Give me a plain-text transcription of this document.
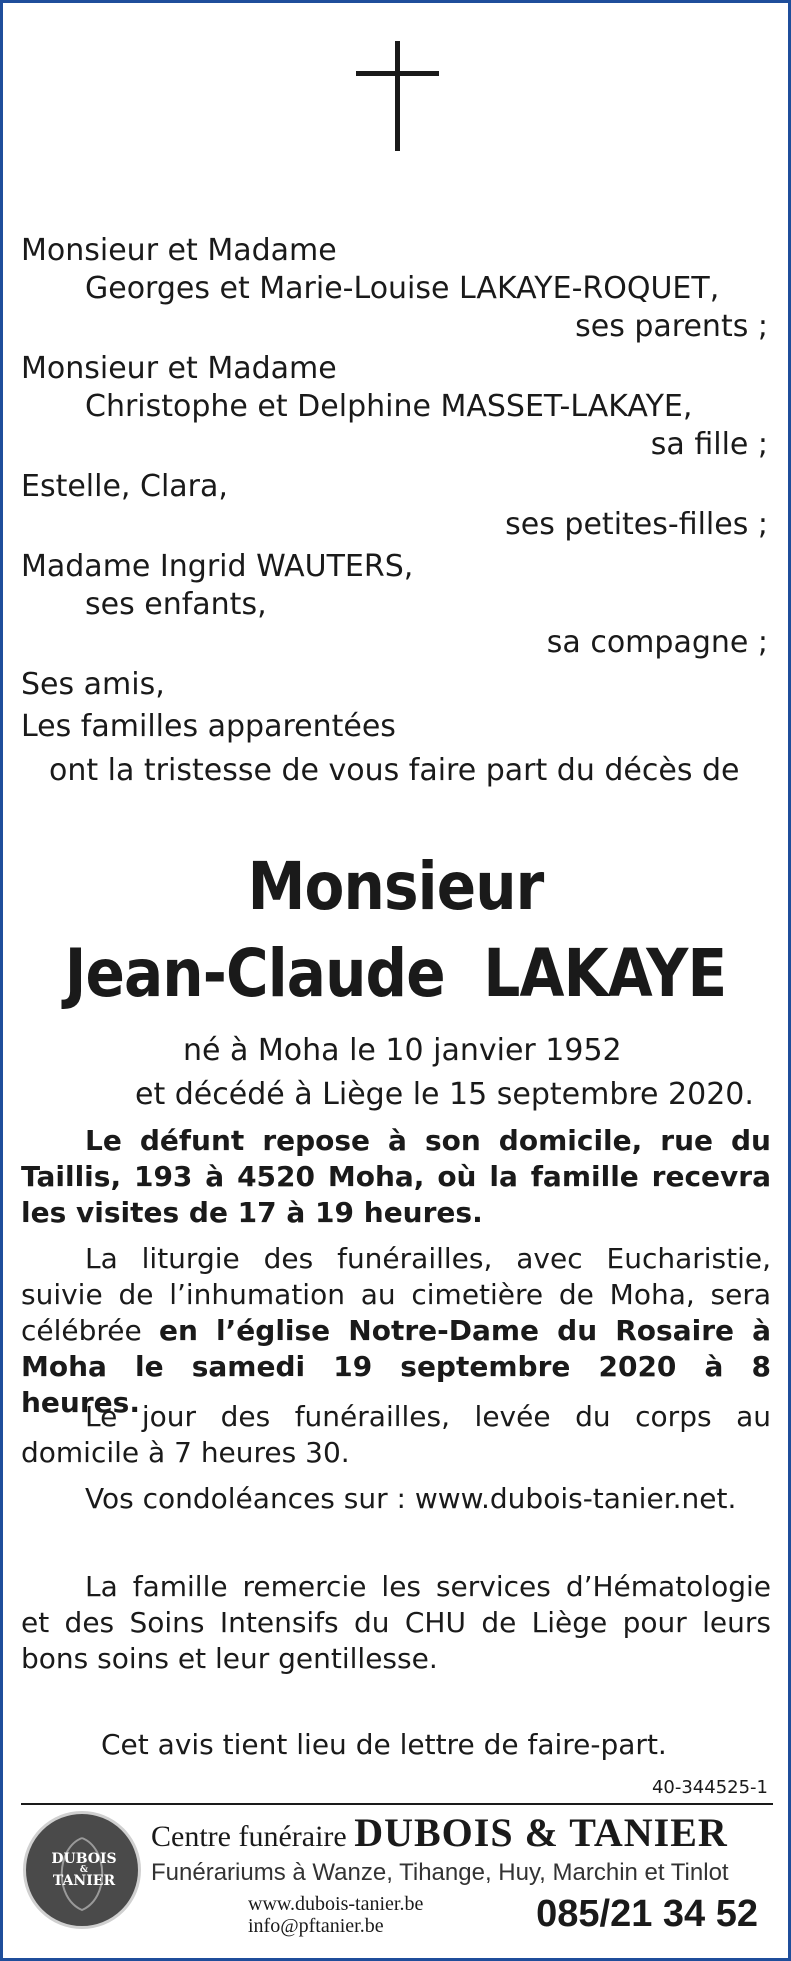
Monsieur et Madame
Georges et Marie-Louise LAKAYE-ROQUET,
ses parents ;
Monsieur et Madame
Christophe et Delphine MASSET-LAKAYE,
sa fille ;
Estelle, Clara,
ses petites-filles ;
Madame Ingrid WAUTERS,
ses enfants,
sa compagne ;
Ses amis,
Les familles apparentées
ont la tristesse de vous faire part du décès de
Monsieur
Jean-Claude  LAKAYE
né à Moha le 10 janvier 1952
et décédé à Liège le 15 septembre 2020.
Le défunt repose à son domicile, rue du Taillis, 193 à 4520 Moha, où la famille recevra les visites de 17 à 19 heures.
La liturgie des funérailles, avec Eucharistie, suivie de l’inhumation au cimetière de Moha, sera célébrée en l’église Notre-Dame du Rosaire à Moha le samedi 19 septembre 2020 à 8 heures.
Le jour des funérailles, levée du corps au domicile à 7 heures 30.
Vos condoléances sur : www.dubois-tanier.net.
La famille remercie les services d’Hématologie et des Soins Intensifs du CHU de Liège pour leurs bons soins et leur gentillesse.
Cet avis tient lieu de lettre de faire-part.
40-344525-1
DUBOIS
&
TANIER
Centre funéraire DUBOIS & TANIER
Funérariums à Wanze, Tihange, Huy, Marchin et Tinlot
www.dubois-tanier.be
info@pftanier.be	085/21 34 52
